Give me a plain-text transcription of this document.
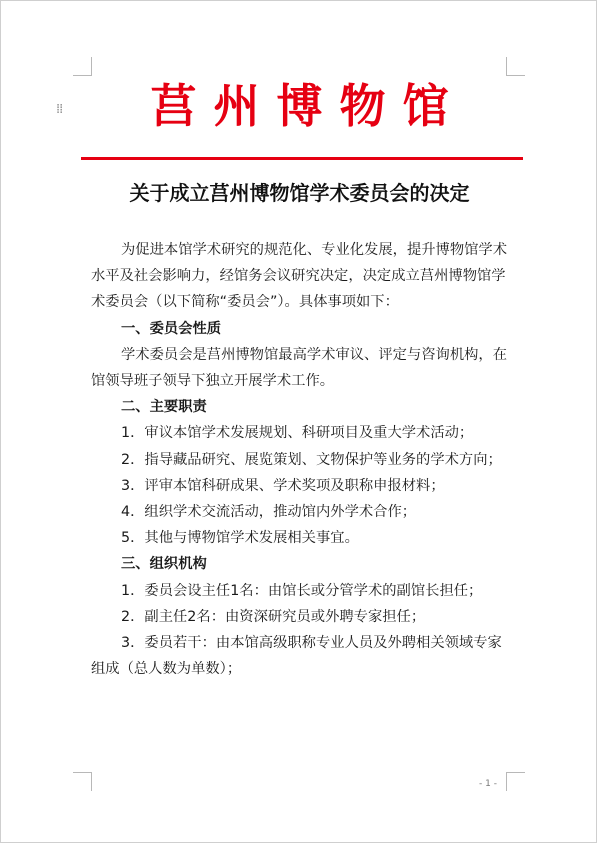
⁞⁞	莒州博物馆
关于成立莒州博物馆学术委员会的决定

为促进本馆学术研究的规范化、专业化发展，提升博物馆学术水平及社会影响力，经馆务会议研究决定，决定成立莒州博物馆学术委员会（以下简称“委员会”）。具体事项如下：

一、委员会性质

学术委员会是莒州博物馆最高学术审议、评定与咨询机构，在馆领导班子领导下独立开展学术工作。

二、主要职责

1．审议本馆学术发展规划、科研项目及重大学术活动；

2．指导藏品研究、展览策划、文物保护等业务的学术方向；

3．评审本馆科研成果、学术奖项及职称申报材料；

4．组织学术交流活动，推动馆内外学术合作；

5．其他与博物馆学术发展相关事宜。

三、组织机构

1．委员会设主任1名：由馆长或分管学术的副馆长担任；

2．副主任2名：由资深研究员或外聘专家担任；

3．委员若干：由本馆高级职称专业人员及外聘相关领域专家组成（总人数为单数）；

- 1 -
